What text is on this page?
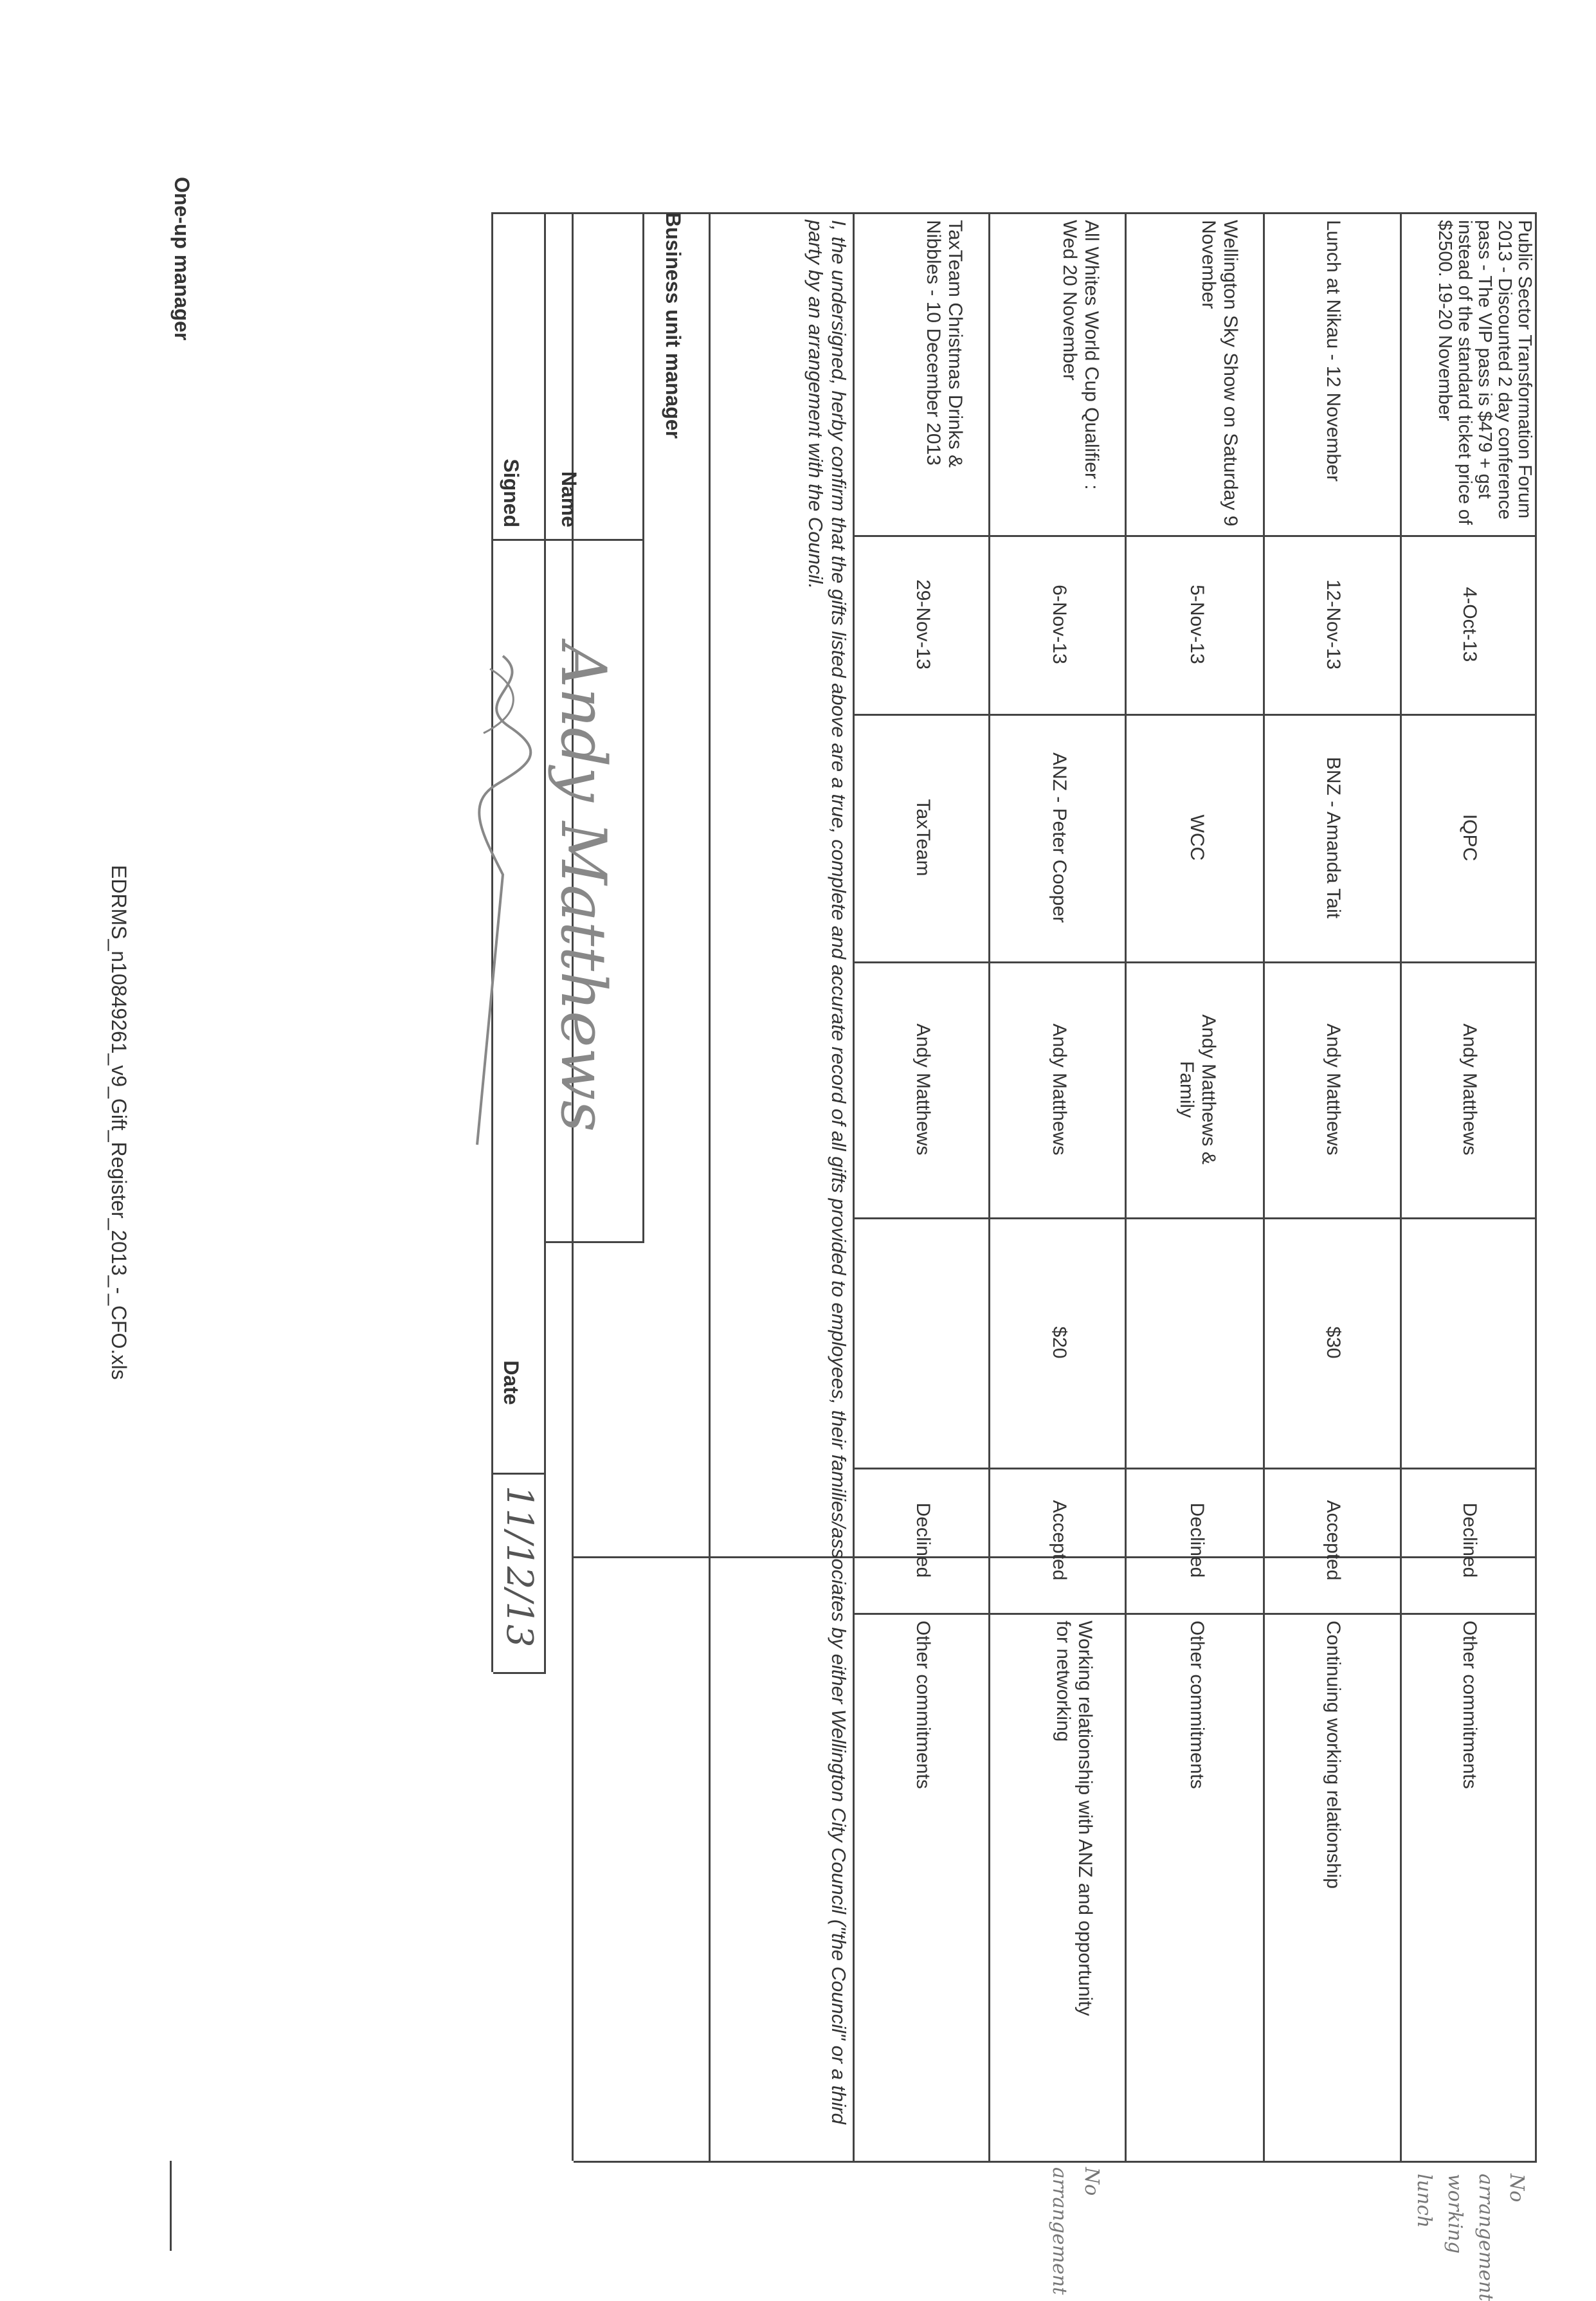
Public Sector Transformation Forum 2013 - Discounted 2 day conference pass - The VIP pass is $479 + gst instead of the standard ticket price of $2500. 19-20 November
4-Oct-13
IQPC
Andy Matthews
Declined
Other commitments
No arrangement working lunch
Lunch at Nikau - 12 November
12-Nov-13
BNZ - Amanda Tait
Andy Matthews
$30
Accepted
Continuing working relationship
Wellington Sky Show on Saturday 9 November
5-Nov-13
WCC
Andy Matthews & Family
Declined
Other commitments
All Whites World Cup Qualifier : Wed 20 November
6-Nov-13
ANZ - Peter Cooper
Andy Matthews
$20
Accepted
Working relationship with ANZ and opportunity for networking
No arrangement
TaxTeam Christmas Drinks & Nibbles - 10 December 2013
29-Nov-13
TaxTeam
Andy Matthews
Declined
Other commitments
I, the undersigned, herby confirm that the gifts listed above are a true, complete and accurate record of all gifts provided to employees, their families/associates by either Wellington City Council ("the Council" or a third party by an arrangement with the Council.
Business unit manager
Name
Signed
Date
Andy Matthews
11/12/13
One-up manager
EDRMS_n10849261_v9_Gift_Register_2013_-_CFO.xls
